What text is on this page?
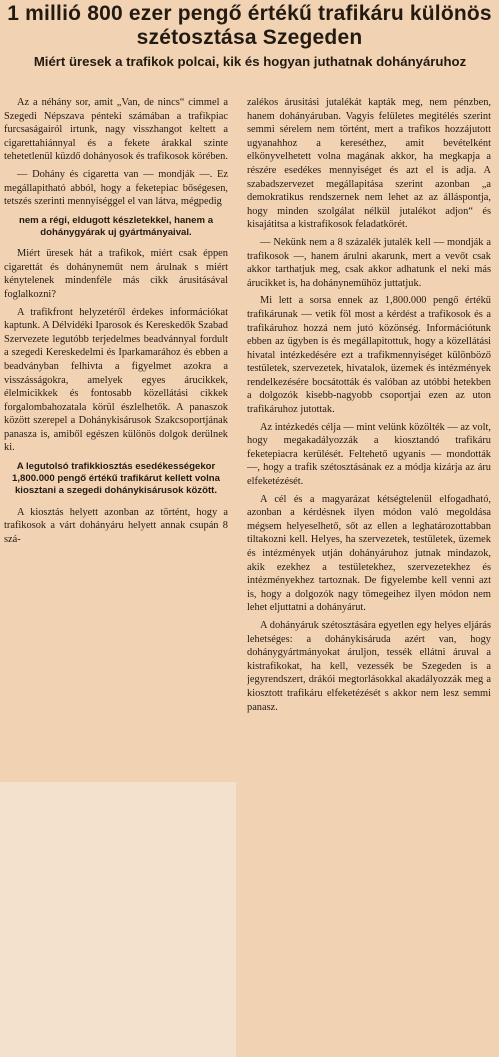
1 millió 800 ezer pengő értékű trafikáru különös szétosztása Szegeden
Miért üresek a trafikok polcai, kik és hogyan juthatnak dohányáruhoz

Az a néhány sor, amit „Van, de nincs“ cimmel a Szegedi Népszava pénteki számában a trafikpiac furcsaságairól irtunk, nagy visszhangot keltett a cigarettahiánnyal és a fekete árakkal szinte tehetetlenül küzdő dohányosok és trafikosok körében.

— Dohány és cigaretta van — mondják —. Ez megállapitható abból, hogy a feketepiac bőségesen, tetszés szerinti mennyiséggel el van látva, mégpedig

nem a régi, eldugott készletekkel, hanem a dohánygyárak uj gyártmányaival.

Miért üresek hát a trafikok, miért csak éppen cigarettát és dohányneműt nem árulnak s miért kénytelenek mindenféle más cikk árusitásával foglalkozni?

A trafikfront helyzetéről érdekes információkat kaptunk. A Délvidéki Iparosok és Kereskedők Szabad Szervezete legutóbb terjedelmes beadvánnyal fordult a szegedi Kereskedelmi és Iparkamarához és ebben a beadványban felhivta a figyelmet azokra a visszásságokra, amelyek egyes árucikkek, élelmicikkek és fontosabb közellátási cikkek forgalombahozatala körül észlelhetők. A panaszok között szerepel a Dohánykisárusok Szakcsoportjának panasza is, amiből egészen különös dolgok derülnek ki.

A legutolsó trafikkiosztás esedékességekor 1,800.000 pengő értékű trafikárut kellett volna kiosztani a szegedi dohánykisárusok között.

A kiosztás helyett azonban az történt, hogy a trafikosok a várt dohányáru helyett annak csupán 8 szá-

zalékos árusitási jutalékát kapták meg, nem pénzben, hanem dohányáruban. Vagyis felületes megitélés szerint semmi sérelem nem történt, mert a trafikos hozzájutott ugyanahhoz a kereséthez, amit bevételként elkönyvelhetett volna magának akkor, ha megkapja a részére esedékes mennyiséget és azt el is adja. A szabadszervezet megállapitása szerint azonban „a demokratikus rendszernek nem lehet az az álláspontja, hogy minden szolgálat nélkül jutalékot adjon“ és kisajátitsa a kistrafikosok feladatkörét.

— Nekünk nem a 8 százalék jutalék kell — mondják a trafikosok —, hanem árulni akarunk, mert a vevőt csak akkor tarthatjuk meg, csak akkor adhatunk el neki más árucikket is, ha dohányneműhöz juttatjuk.

Mi lett a sorsa ennek az 1,800.000 pengő értékű trafikárunak — vetik föl most a kérdést a trafikosok és a trafikáruhoz hozzá nem jutó közönség. Információtunk ebben az ügyben is és megállapitottuk, hogy a közellátási hivatal intézkedésére ezt a trafikmennyiséget különböző testületek, szervezetek, hivatalok, üzemek és intézmények rendelkezésére bocsátották és valóban az utóbbi hetekben a dolgozók kisebb-nagyobb csoportjai ezen az uton trafikáruhoz jutottak.

Az intézkedés célja — mint velünk közölték — az volt, hogy megakadályozzák a kiosztandó trafikáru feketepiacra kerülését. Feltehető ugyanis — mondották —, hogy a trafik szétosztásának ez a módja kizárja az áru elfeketézését.

A cél és a magyarázat kétségtelenül elfogadható, azonban a kérdésnek ilyen módon való megoldása mégsem helyeselhető, sőt az ellen a leghatározottabban tiltakozni kell. Helyes, ha szervezetek, testületek, üzemek és intézmények utján dohányáruhoz jutnak mindazok, akik ezekhez a testületekhez, szervezetekhez és intézményekhez tartoznak. De figyelembe kell venni azt is, hogy a dolgozók nagy tömegeihez ilyen módon nem lehet eljuttatni a dohányárut.

A dohányáruk szétosztására egyetlen egy helyes eljárás lehetséges: a dohánykisáruda azért van, hogy dohánygyártmányokat áruljon, tessék ellátni áruval a kistrafikokat, ha kell, vezessék be Szegeden is a jegyrendszert, drákói megtorlásokkal akadályozzák meg a kiosztott trafikáru elfeketézését s akkor nem lesz semmi panasz.
